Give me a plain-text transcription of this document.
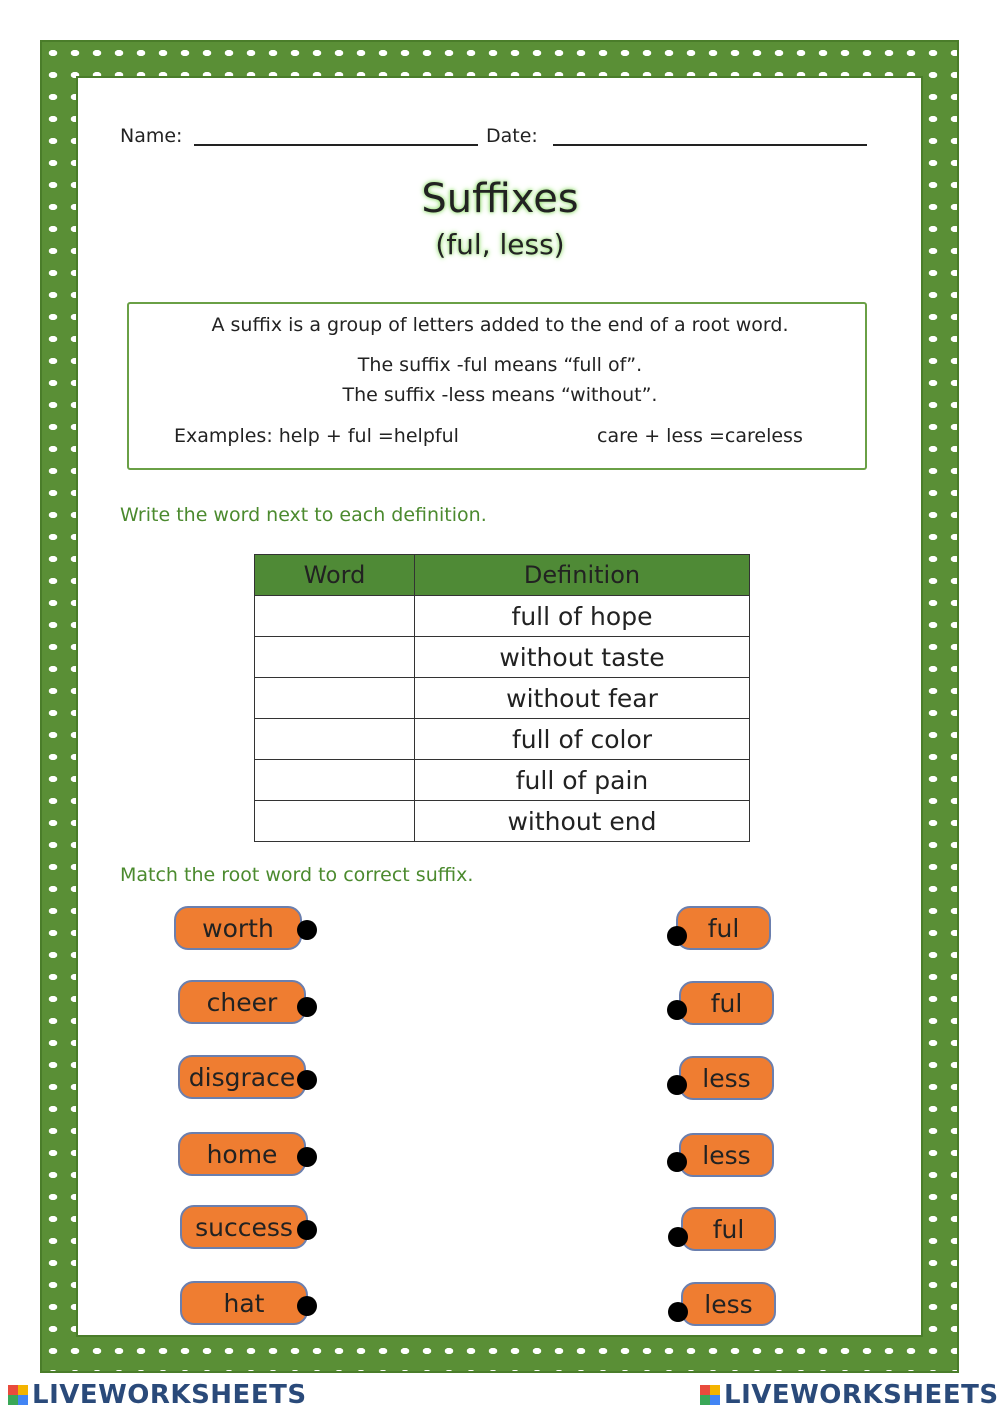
Name:	Date:
Suffixes
(ful, less)
A suffix is a group of letters added to the end of a root word.
The suffix -ful means “full of”.
The suffix -less means “without”.
Examples: help + ful =helpful	care + less =careless
Write the word next to each definition.
Word	Definition
	full of hope
	without taste
	without fear
	full of color
	full of pain
	without end
Match the root word to correct suffix.
worth
cheer
disgrace
home
success
hat
ful
ful
less
less
ful
less
LIVEWORKSHEETS	LIVEWORKSHEETS
